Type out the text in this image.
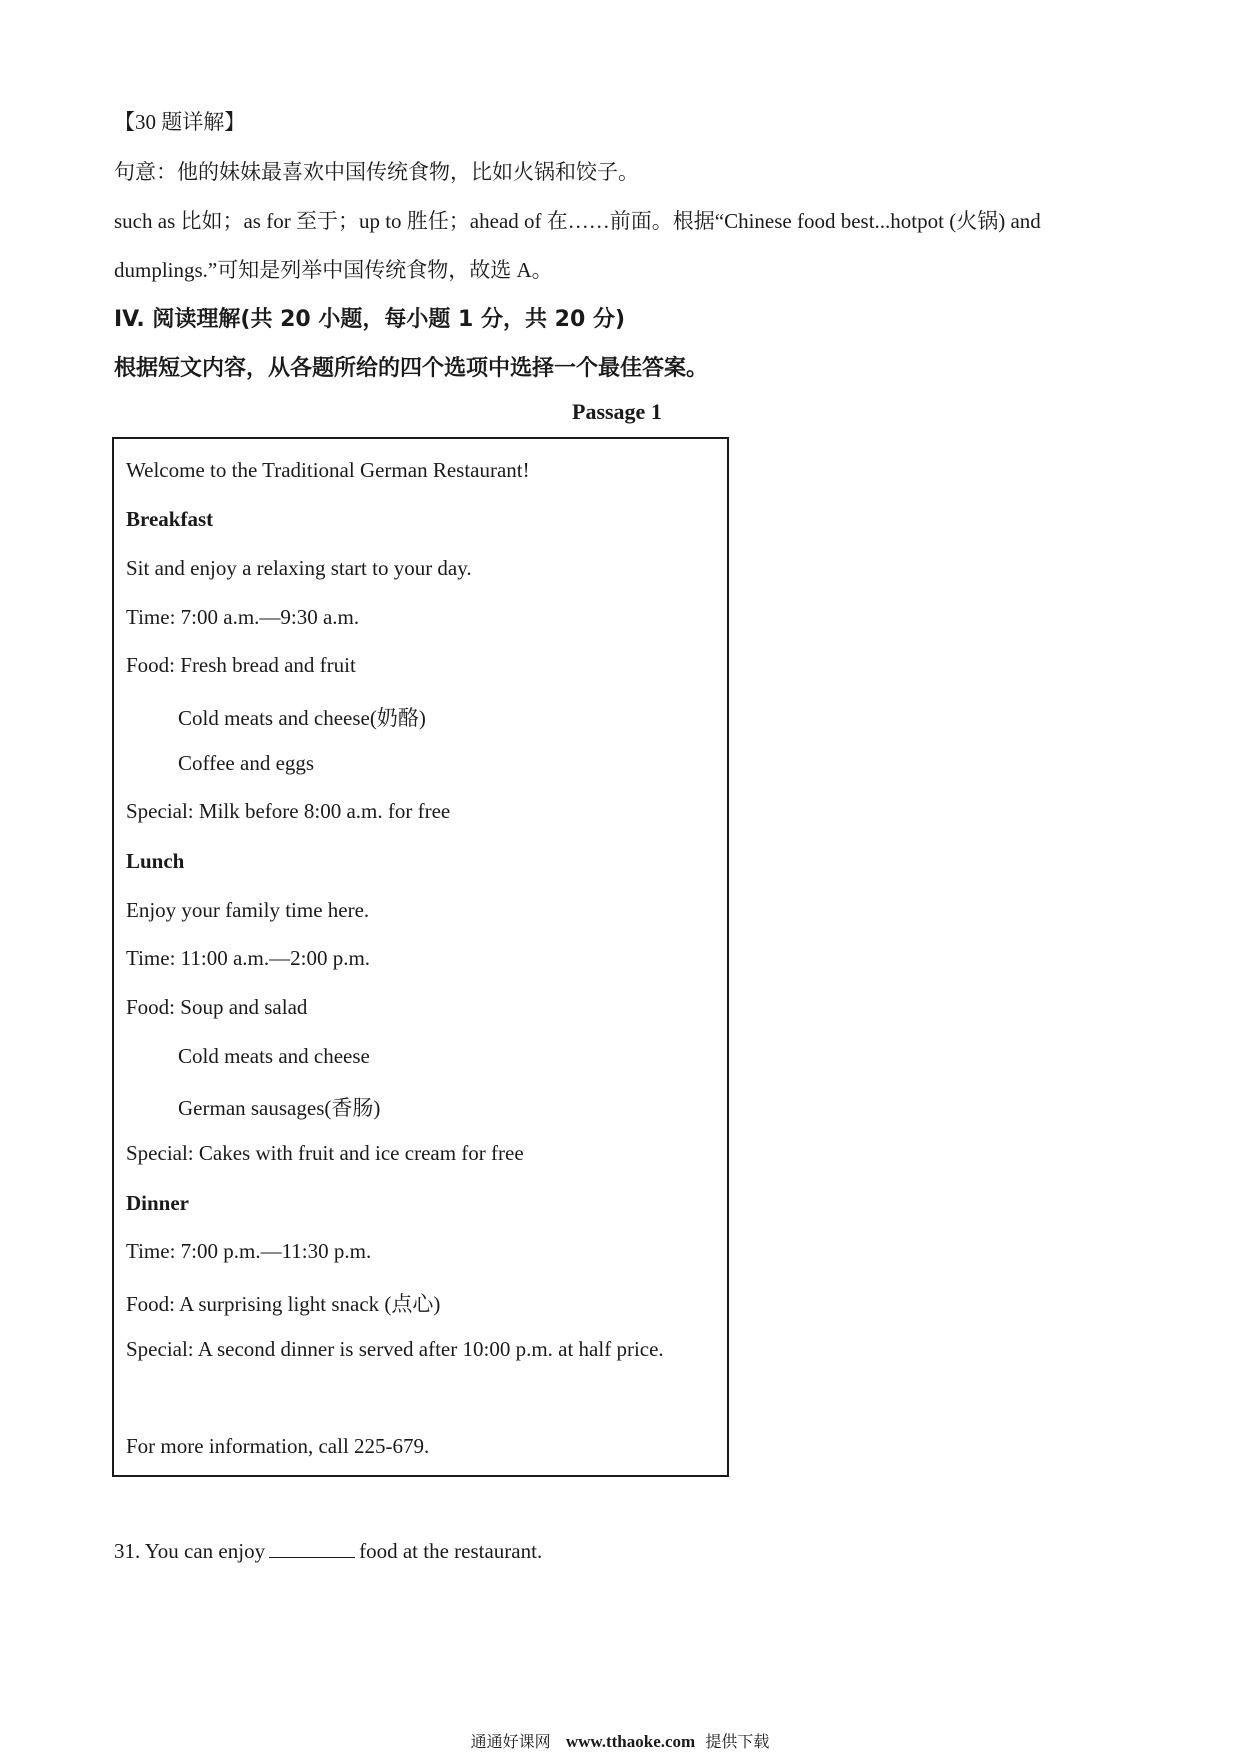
【30 题详解】
句意：他的妹妹最喜欢中国传统食物，比如火锅和饺子。
such as 比如；as for 至于；up to 胜任；ahead of 在……前面。根据“Chinese food best...hotpot (火锅) and
dumplings.”可知是列举中国传统食物，故选 A。
IV. 阅读理解(共 20 小题，每小题 1 分，共 20 分)
根据短文内容，从各题所给的四个选项中选择一个最佳答案。
Passage 1
Welcome to the Traditional German Restaurant!
Breakfast
Sit and enjoy a relaxing start to your day.
Time: 7:00 a.m.—9:30 a.m.
Food: Fresh bread and fruit
Cold meats and cheese(奶酪)
Coffee and eggs
Special: Milk before 8:00 a.m. for free
Lunch
Enjoy your family time here.
Time: 11:00 a.m.—2:00 p.m.
Food: Soup and salad
Cold meats and cheese
German sausages(香肠)
Special: Cakes with fruit and ice cream for free
Dinner
Time: 7:00 p.m.—11:30 p.m.
Food: A surprising light snack (点心)
Special: A second dinner is served after 10:00 p.m. at half price.
For more information, call 225-679.
31. You can enjoy	food at the restaurant.
通通好课网 www.tthaoke.com 提供下载
